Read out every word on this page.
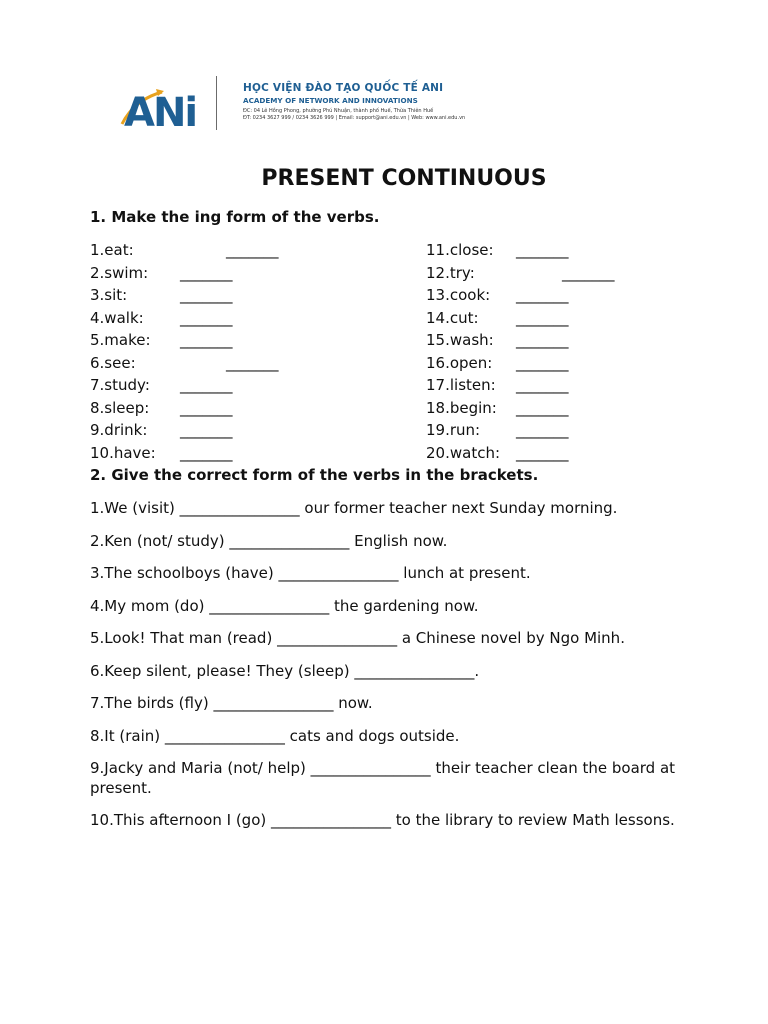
ANi
HỌC VIỆN ĐÀO TẠO QUỐC TẾ ANI
ACADEMY OF NETWORK AND INNOVATIONS
ĐC: 04 Lê Hồng Phong, phường Phú Nhuận, thành phố Huế, Thừa Thiên Huế
ĐT: 0234 3627 999 / 0234 3626 999 | Email: support@ani.edu.vn | Web: www.ani.edu.vn
PRESENT CONTINUOUS
1. Make the ing form of the verbs.
1.eat:	_______
2.swim: _______
3.sit:	_______
4.walk: _______
5.make: _______
6.see:	_______
7.study: _______
8.sleep: _______
9.drink: _______
10.have: _______
11.close: _______
12.try:	_______
13.cook: _______
14.cut: _______
15.wash: _______
16.open: _______
17.listen: _______
18.begin: _______
19.run: _______
20.watch: _______
2. Give the correct form of the verbs in the brackets.
1.We (visit) ________________ our former teacher next Sunday morning.
2.Ken (not/ study) ________________ English now.
3.The schoolboys (have) ________________ lunch at present.
4.My mom (do) ________________ the gardening now.
5.Look! That man (read) ________________ a Chinese novel by Ngo Minh.
6.Keep silent, please! They (sleep) ________________.
7.The birds (fly) ________________ now.
8.It (rain) ________________ cats and dogs outside.
9.Jacky and Maria (not/ help) ________________ their teacher clean the board at present.
10.This afternoon I (go) ________________ to the library to review Math lessons.
